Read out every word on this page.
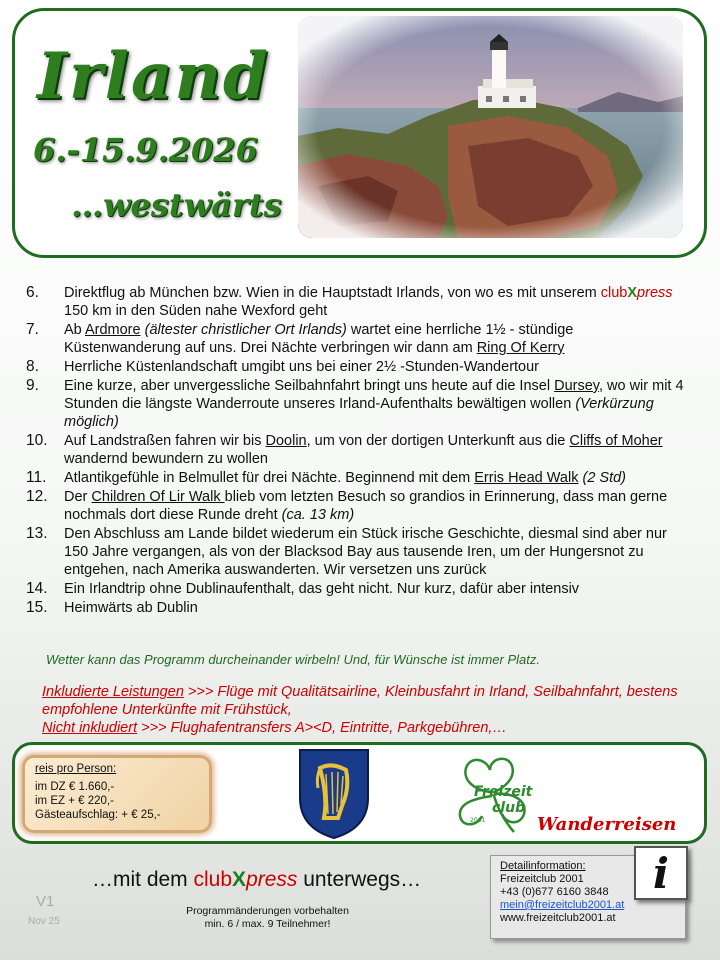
Irland
6.-15.9.2026
…westwärts
6.	Direktflug ab München bzw. Wien in die Hauptstadt Irlands, von wo es mit unserem clubXpress 150 km in den Süden nahe Wexford geht
7.	Ab Ardmore (ältester christlicher Ort Irlands) wartet eine herrliche 1½ - stündige Küstenwanderung auf uns. Drei Nächte verbringen wir dann am Ring Of Kerry
8.	Herrliche Küstenlandschaft umgibt uns bei einer 2½ -Stunden-Wandertour
9.	Eine kurze, aber unvergessliche Seilbahnfahrt bringt uns heute auf die Insel Dursey, wo wir mit 4 Stunden die längste Wanderroute unseres Irland-Aufenthalts bewältigen wollen (Verkürzung möglich)
10.	Auf Landstraßen fahren wir bis Doolin, um von der dortigen Unterkunft aus die Cliffs of Moher wandernd bewundern zu wollen
11.	Atlantikgefühle in Belmullet für drei Nächte. Beginnend mit dem Erris Head Walk (2 Std)
12.	Der Children Of Lir Walk blieb vom letzten Besuch so grandios in Erinnerung, dass man gerne nochmals dort diese Runde dreht (ca. 13 km)
13.	Den Abschluss am Lande bildet wiederum ein Stück irische Geschichte, diesmal sind aber nur 150 Jahre vergangen, als von der Blacksod Bay aus tausende Iren, um der Hungersnot zu entgehen, nach Amerika auswanderten. Wir versetzen uns zurück
14.	Ein Irlandtrip ohne Dublinaufenthalt, das geht nicht. Nur kurz, dafür aber intensiv
15.	Heimwärts ab Dublin
Wetter kann das Programm durcheinander wirbeln! Und, für Wünsche ist immer Platz.
Inkludierte Leistungen >>> Flüge mit Qualitätsairline, Kleinbusfahrt in Irland, Seilbahnfahrt, bestens empfohlene Unterkünfte mit Frühstück,
Nicht inkludiert >>> Flughafentransfers A><D, Eintritte, Parkgebühren,…
reis pro Person:
im DZ € 1.660,-
im EZ + € 220,-
Gästeaufschlag: + € 25,-
Freizeit
club
2001	Wanderreisen
…mit dem clubXpress unterwegs…
V1
Nov 25
Programmänderungen vorbehalten
min. 6 / max. 9 Teilnehmer!
Detailinformation:
Freizeitclub 2001
+43 (0)677 6160 3848
mein@freizeitclub2001.at
www.freizeitclub2001.at
i
